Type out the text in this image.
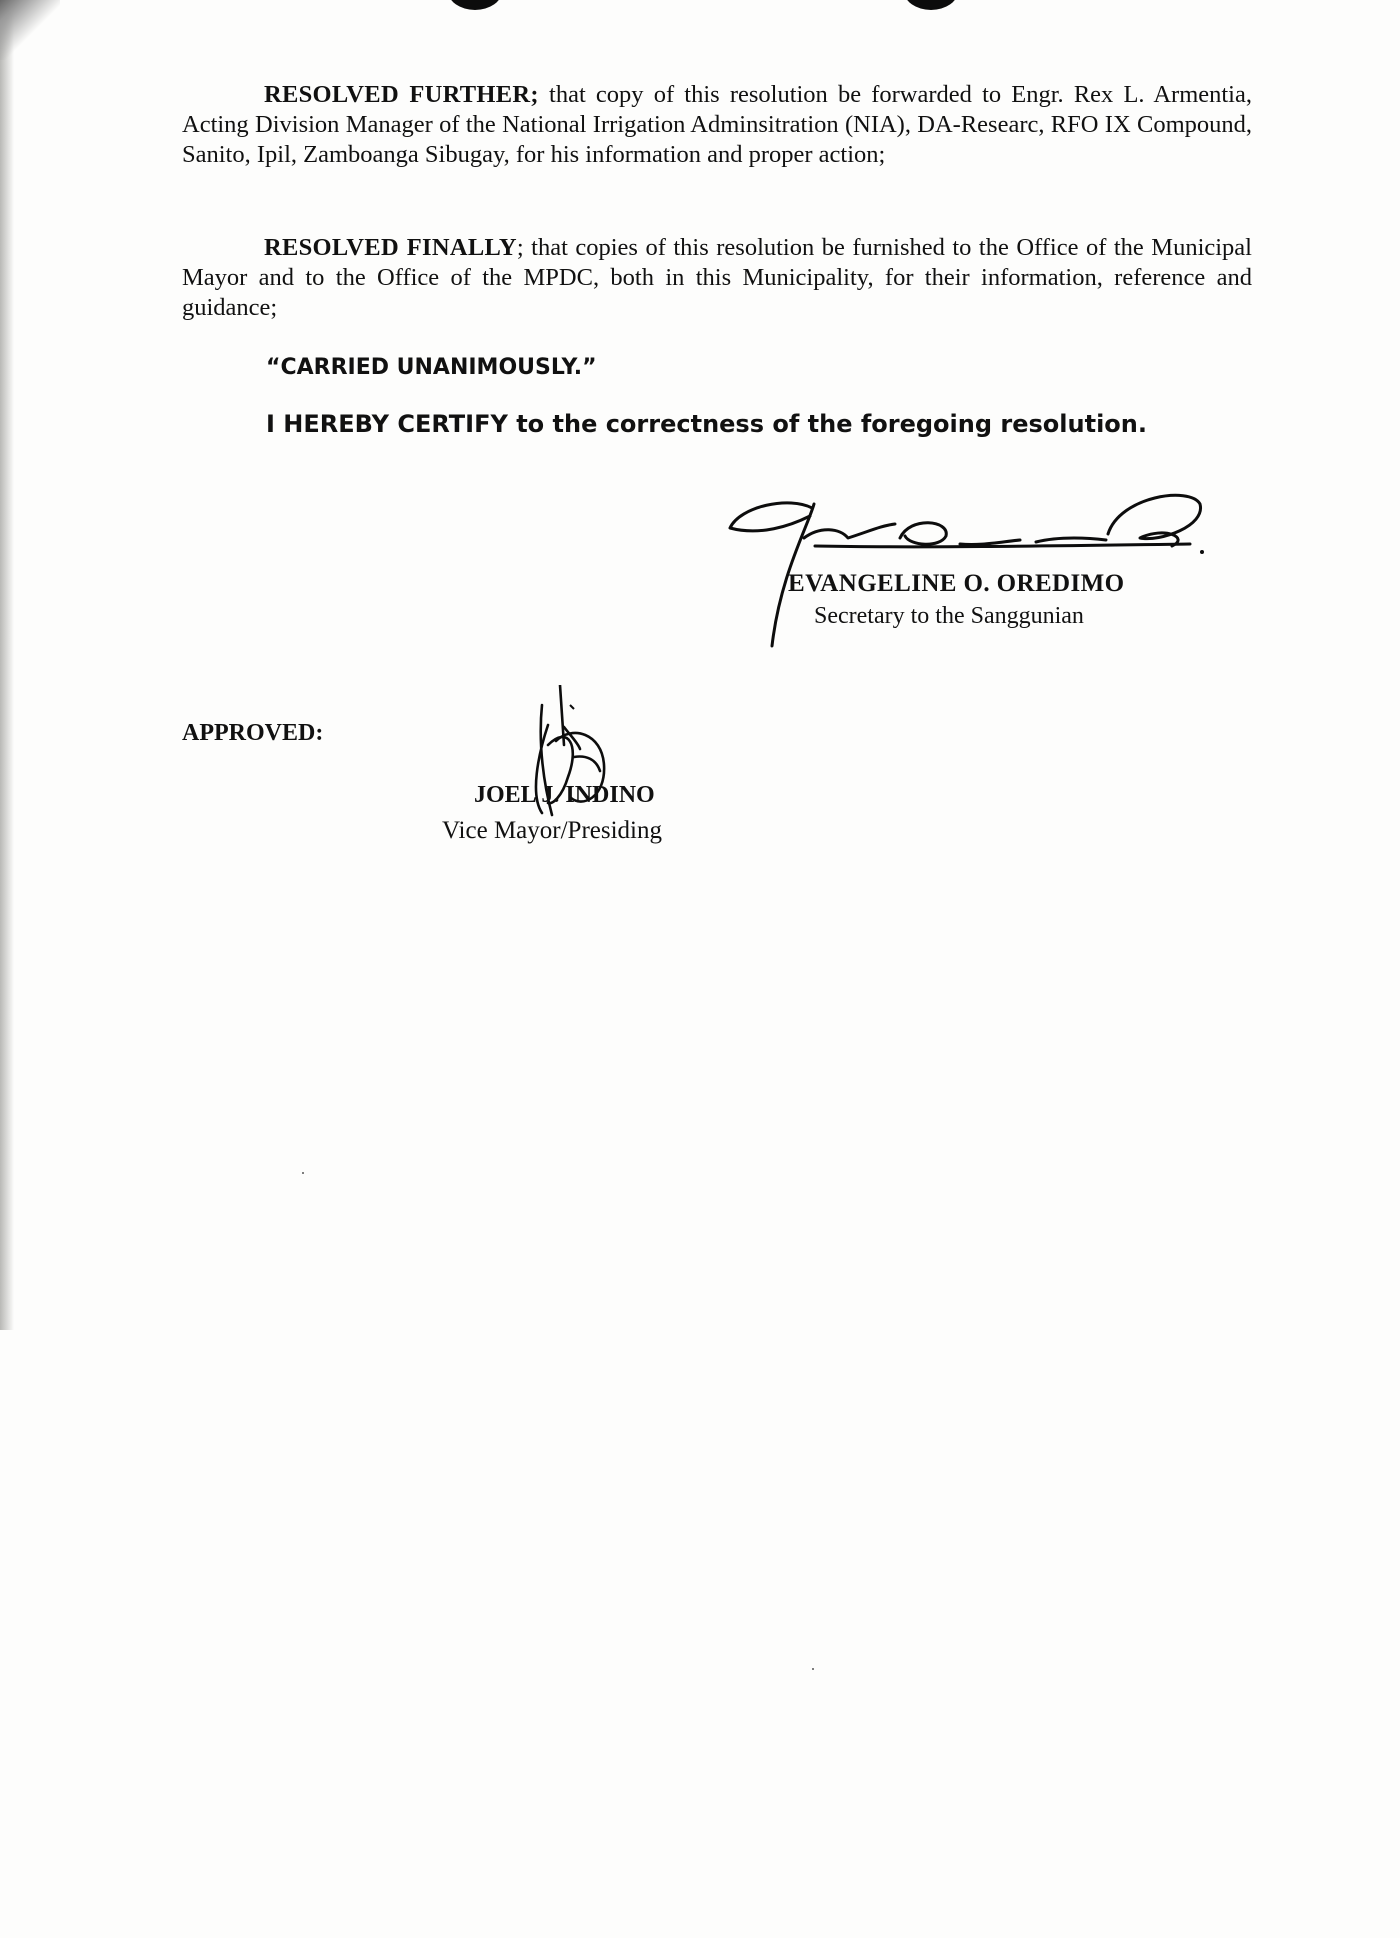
RESOLVED FURTHER; that copy of this resolution be forwarded to Engr. Rex L. Armentia, Acting Division Manager of the National Irrigation Adminsitration (NIA), DA-Researc, RFO IX Compound, Sanito, Ipil, Zamboanga Sibugay, for his information and proper action;
RESOLVED FINALLY; that copies of this resolution be furnished to the Office of the Municipal Mayor and to the Office of the MPDC, both in this Municipality, for their information, reference and guidance;
“CARRIED UNANIMOUSLY.”
I HEREBY CERTIFY to the correctness of the foregoing resolution.
EVANGELINE O. OREDIMO
Secretary to the Sanggunian
APPROVED:
JOEL J. INDINO
Vice Mayor/Presiding
